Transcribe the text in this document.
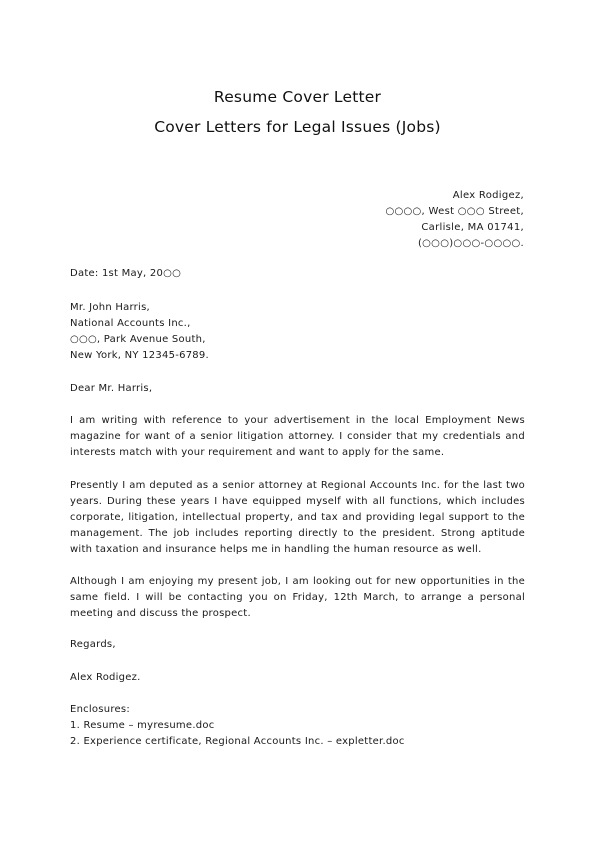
Resume Cover Letter
Cover Letters for Legal Issues (Jobs)
Alex Rodigez,
○○○○, West ○○○ Street,
Carlisle, MA 01741,
(○○○)○○○-○○○○.
Date: 1st May, 20○○
Mr. John Harris,
National Accounts Inc.,
○○○, Park Avenue South,
New York, NY 12345-6789.
Dear Mr. Harris,
I am writing with reference to your advertisement in the local Employment News magazine for want of a senior litigation attorney. I consider that my credentials and interests match with your requirement and want to apply for the same.
Presently I am deputed as a senior attorney at Regional Accounts Inc. for the last two years. During these years I have equipped myself with all functions, which includes corporate, litigation, intellectual property, and tax and providing legal support to the management. The job includes reporting directly to the president. Strong aptitude with taxation and insurance helps me in handling the human resource as well.
Although I am enjoying my present job, I am looking out for new opportunities in the same field. I will be contacting you on Friday, 12th March, to arrange a personal meeting and discuss the prospect.
Regards,
Alex Rodigez.
Enclosures:
1. Resume – myresume.doc
2. Experience certificate, Regional Accounts Inc. – expletter.doc
